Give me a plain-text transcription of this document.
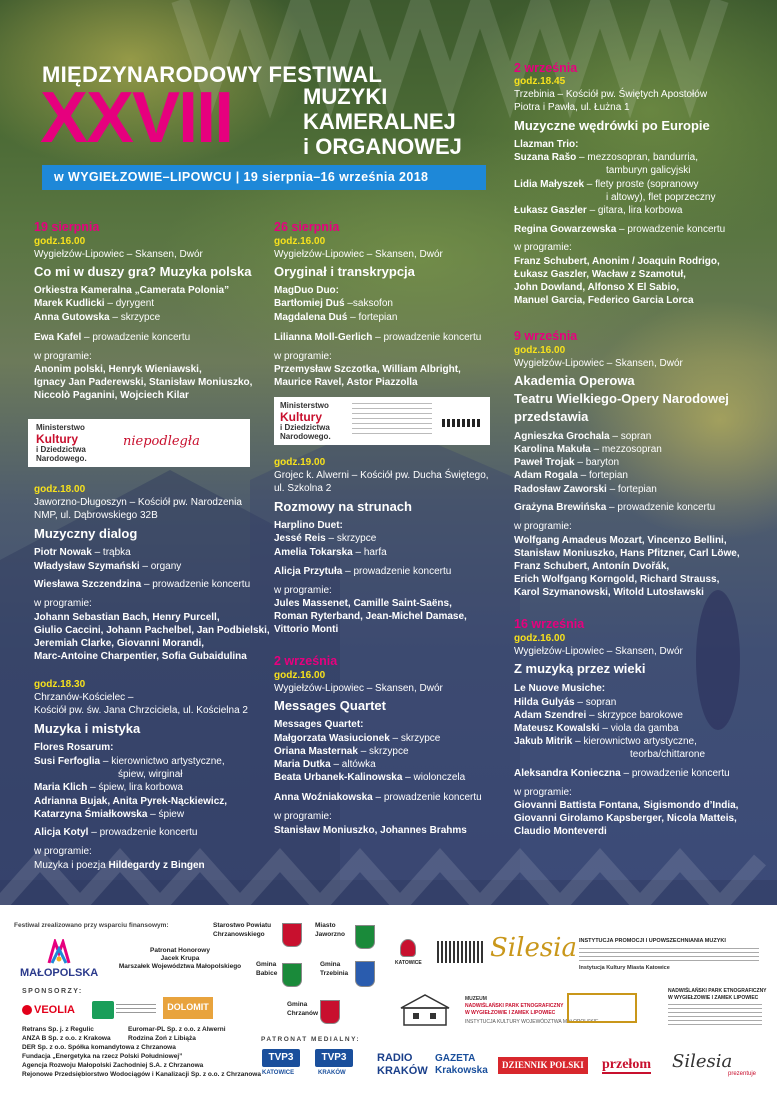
MIĘDZYNARODOWY FESTIWAL
XXVIII	MUZYKI
KAMERALNEJ
i ORGANOWEJ
w WYGIEŁZOWIE–LIPOWCU | 19 sierpnia–16 września 2018
19 sierpnia
godz.16.00
Wygiełzów-Lipowiec – Skansen, Dwór
Co mi w duszy gra? Muzyka polska
Orkiestra Kameralna „Camerata Polonia”
Marek Kudlicki – dyrygent
Anna Gutowska – skrzypce
Ewa Kafel – prowadzenie koncertu
w programie:
Anonim polski, Henryk Wieniawski,
Ignacy Jan Paderewski, Stanisław Moniuszko,
Niccolò Paganini, Wojciech Kilar
Ministerstwo
Kultury
i Dziedzictwa
Narodowego.
niepodległa
godz.18.00
Jaworzno-Długoszyn – Kościół pw. Narodzenia
NMP, ul. Dąbrowskiego 32B
Muzyczny dialog
Piotr Nowak – trąbka
Władysław Szymański – organy
Wiesława Szczendzina – prowadzenie koncertu
w programie:
Johann Sebastian Bach, Henry Purcell,
Giulio Caccini, Johann Pachelbel, Jan Podbielski,
Jeremiah Clarke, Giovanni Morandi,
Marc-Antoine Charpentier, Sofia Gubaidulina
godz.18.30
Chrzanów-Kościelec –
Kościół pw. św. Jana Chrzciciela, ul. Kościelna 2
Muzyka i mistyka
Flores Rosarum:
Susi Ferfoglia – kierownictwo artystyczne,
śpiew, wirginał
Maria Klich – śpiew, lira korbowa
Adrianna Bujak, Anita Pyrek-Nąckiewicz,
Katarzyna Śmiałkowska – śpiew
Alicja Kotyl – prowadzenie koncertu
w programie:
Muzyka i poezja Hildegardy z Bingen
26 sierpnia
godz.16.00
Wygiełzów-Lipowiec – Skansen, Dwór
Oryginał i transkrypcja
MagDuo Duo:
Bartłomiej Duś –saksofon
Magdalena Duś – fortepian
Lilianna Moll-Gerlich – prowadzenie koncertu
w programie:
Przemysław Szczotka, William Albright,
Maurice Ravel, Astor Piazzolla
Ministerstwo
Kultury
i Dziedzictwa
Narodowego.
godz.19.00
Grojec k. Alwerni – Kościół pw. Ducha Świętego,
ul. Szkolna 2
Rozmowy na strunach
Harplino Duet:
Jessé Reis – skrzypce
Amelia Tokarska – harfa
Alicja Przytuła – prowadzenie koncertu
w programie:
Jules Massenet, Camille Saint-Saëns,
Roman Ryterband, Jean-Michel Damase,
Vittorio Monti
2 września
godz.16.00
Wygiełzów-Lipowiec – Skansen, Dwór
Messages Quartet
Messages Quartet:
Małgorzata Wasiucionek – skrzypce
Oriana Masternak – skrzypce
Maria Dutka – altówka
Beata Urbanek-Kalinowska – wiolonczela
Anna Woźniakowska – prowadzenie koncertu
w programie:
Stanisław Moniuszko, Johannes Brahms
2 września
godz.18.45
Trzebinia – Kościół pw. Świętych Apostołów
Piotra i Pawła, ul. Łużna 1
Muzyczne wędrówki po Europie
Llazman Trio:
Suzana Rašo – mezzosopran, bandurria,
tamburyn galicyjski
Lidia Małyszek – flety proste (sopranowy
i altowy), flet poprzeczny
Łukasz Gaszler – gitara, lira korbowa
Regina Gowarzewska – prowadzenie koncertu
w programie:
Franz Schubert, Anonim / Joaquin Rodrigo,
Łukasz Gaszler, Wacław z Szamotuł,
John Dowland, Alfonso X El Sabio,
Manuel Garcia, Federico Garcia Lorca
9 września
godz.16.00
Wygiełzów-Lipowiec – Skansen, Dwór
Akademia Operowa
Teatru Wielkiego-Opery Narodowej
przedstawia
Agnieszka Grochala – sopran
Karolina Makuła – mezzosopran
Paweł Trojak – baryton
Adam Rogala – fortepian
Radosław Zaworski – fortepian
Grażyna Brewińska – prowadzenie koncertu
w programie:
Wolfgang Amadeus Mozart, Vincenzo Bellini,
Stanisław Moniuszko, Hans Pfitzner, Carl Löwe,
Franz Schubert, Antonín Dvořák,
Erich Wolfgang Korngold, Richard Strauss,
Karol Szymanowski, Witold Lutosławski
16 września
godz.16.00
Wygiełzów-Lipowiec – Skansen, Dwór
Z muzyką przez wieki
Le Nuove Musiche:
Hilda Gulyás – sopran
Adam Szendrei – skrzypce barokowe
Mateusz Kowalski – viola da gamba
Jakub Mitrik – kierownictwo artystyczne,
teorba/chittarone
Aleksandra Konieczna – prowadzenie koncertu
w programie:
Giovanni Battista Fontana, Sigismondo d’India,
Giovanni Girolamo Kapsberger, Nicola Matteis,
Claudio Monteverdi
Festiwal zrealizowano przy wsparciu finansowym:
MAŁOPOLSKA
Patronat Honorowy
Jacek Krupa
Marszałek Województwa Małopolskiego
SPONSORZY:
VEOLIA	DOLOMIT
Retrans Sp. j. z Regulic
ANZA B Sp. z o.o. z Krakowa
DER Sp. z o.o. Spółka komandytowa z Chrzanowa
Fundacja „Energetyka na rzecz Polski Południowej”
Agencja Rozwoju Małopolski Zachodniej S.A. z Chrzanowa
Rejonowe Przedsiębiorstwo Wodociągów i Kanalizacji Sp. z o.o. z Chrzanowa
Euromar-PL Sp. z o.o. z Alwerni
Rodzina Zoń z Libiąża
Starostwo Powiatu
Chrzanowskiego
Miasto
Jaworzno
Gmina
Babice
Gmina
Trzebinia
Gmina
Chrzanów
KATOWICE	Silesia INSTYTUCJA PROMOCJI I UPOWSZECHNIANIA MUZYKI
Instytucja Kultury Miasta Katowice
MUZEUM
NADWIŚLAŃSKI PARK ETNOGRAFICZNY
W WYGIEŁZOWIE I ZAMEK LIPOWIEC
INSTYTUCJA KULTURY WOJEWÓDZTWA MAŁOPOLSKIE
NADWIŚLAŃSKI PARK ETNOGRAFICZNY
W WYGIEŁZOWIE I ZAMEK LIPOWIEC
PATRONAT MEDIALNY:
TVP3
KATOWICE
TVP3
KRAKÓW
RADIO
KRAKÓW
GAZETA
Krakowska	DZIENNIK POLSKI przełom Silesia
prezentuje
